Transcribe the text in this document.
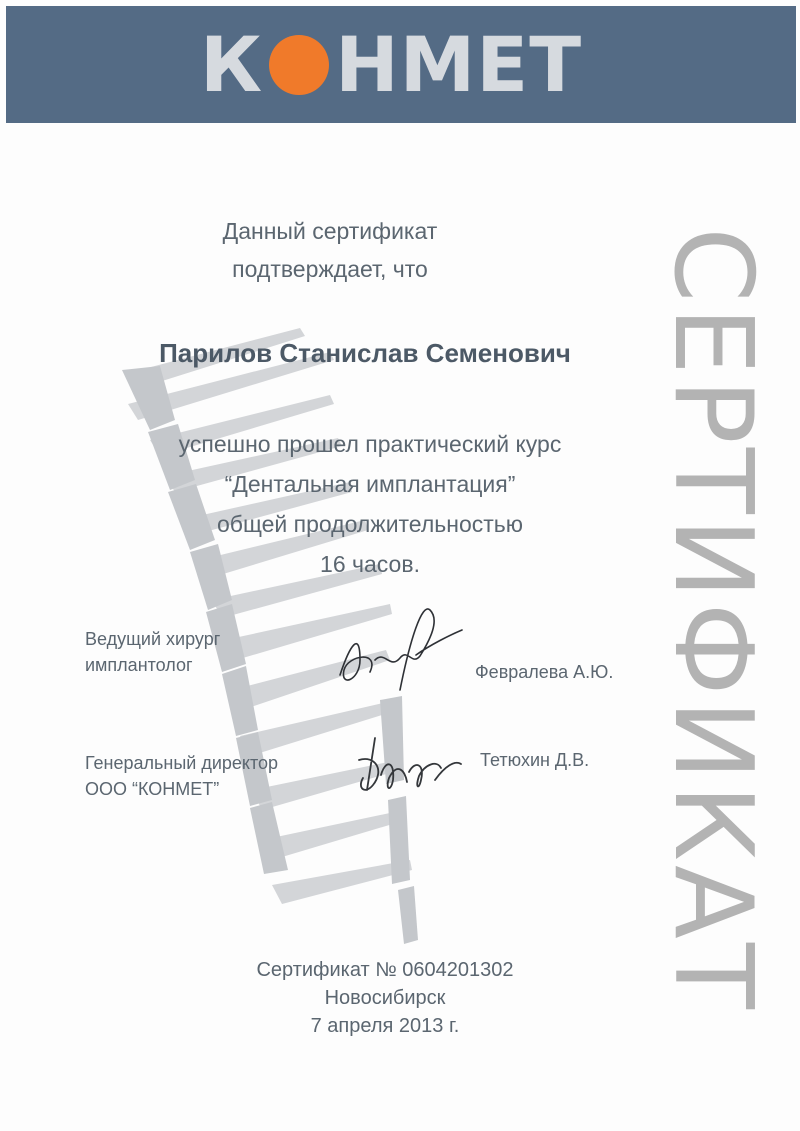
К НМЕТ
СЕРТИФИКАТ
Данный сертификат
подтверждает, что
Парилов Станислав Семенович
успешно прошел практический курс
“Дентальная имплантация”
общей продолжительностью
16 часов.
Ведущий хирург
имплантолог	Февралева А.Ю.
Генеральный директор
ООО “КОНМЕТ”
Тетюхин Д.В.
Сертификат № 0604201302
Новосибирск
7 апреля 2013 г.
